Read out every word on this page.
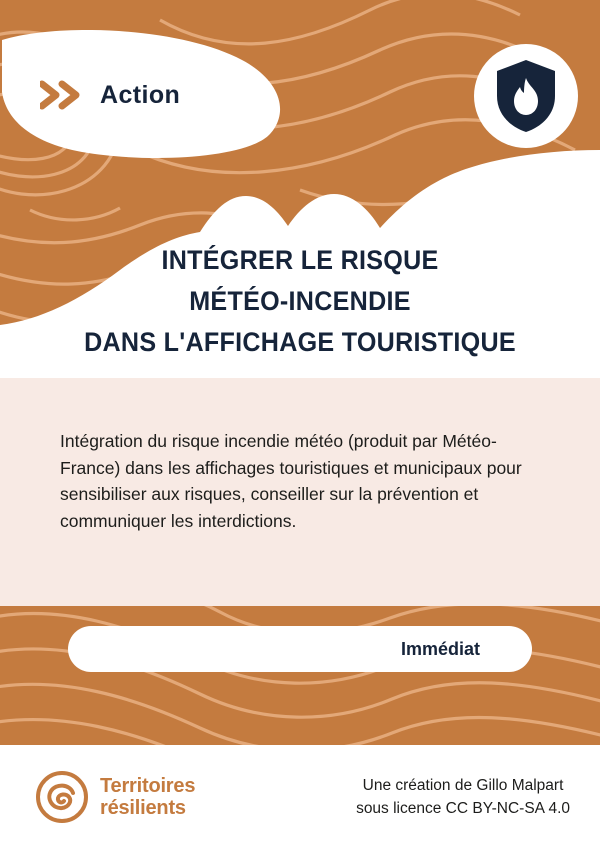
Action
INTÉGRER LE RISQUE
MÉTÉO-INCENDIE
DANS L'AFFICHAGE TOURISTIQUE
Intégration du risque incendie météo (produit par Météo-France) dans les affichages touristiques et municipaux pour sensibiliser aux risques, conseiller sur la prévention et communiquer les interdictions.
Immédiat
Territoires
résilients
Une création de Gillo Malpart
sous licence CC BY-NC-SA 4.0
